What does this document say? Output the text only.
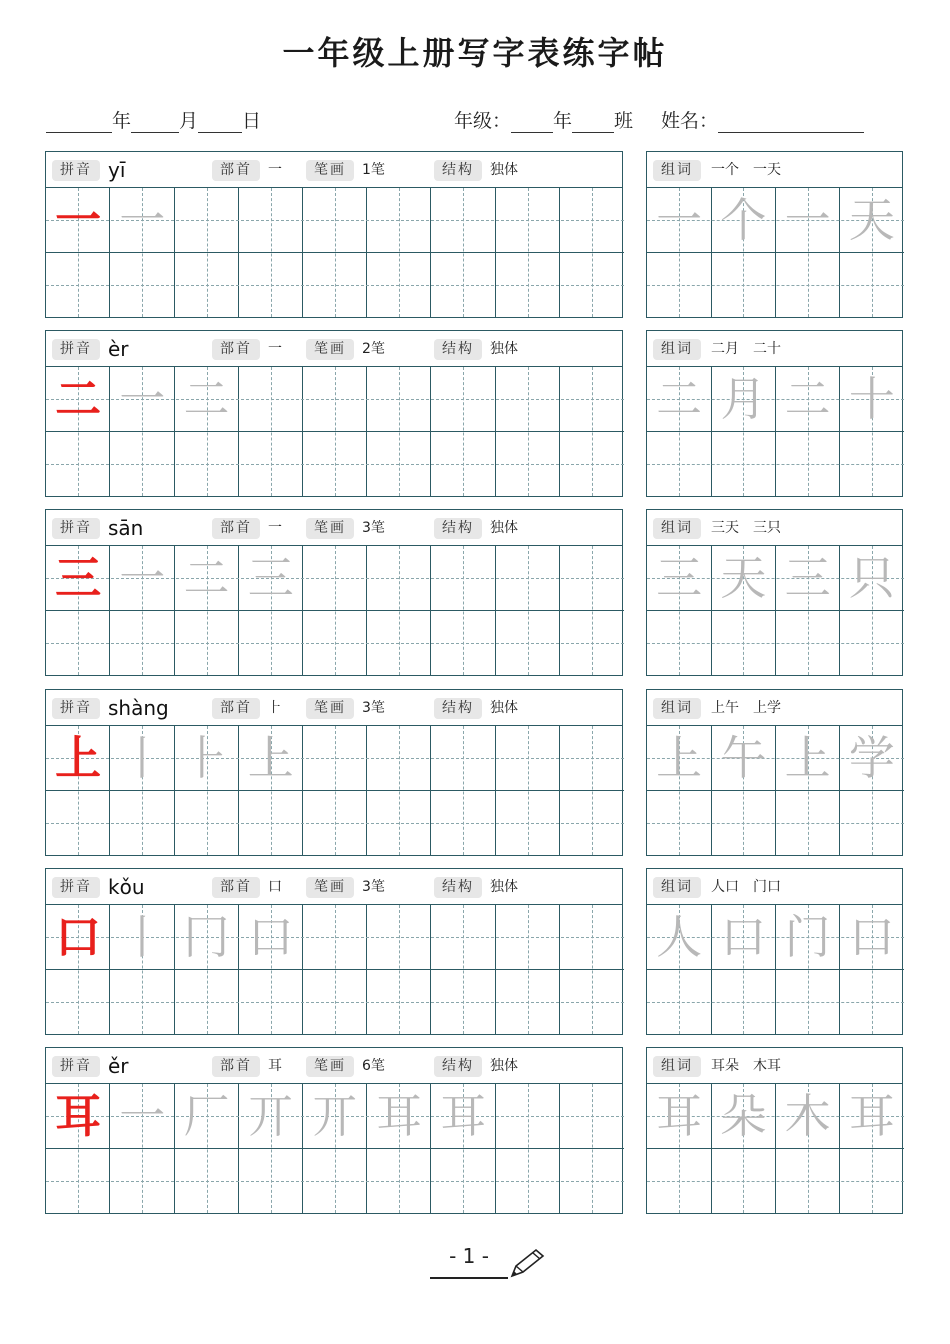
一年级上册写字表练字帖
年	月 日	年级： 年 班 姓名：
拼音 yī	部首	一	笔画	1笔	结构	独体
一 一
组词	一个　一天
一 个 一 天
拼音 èr	部首	一	笔画	2笔	结构	独体
二 一 二
组词	二月　二十
二 月 二 十
拼音 sān	部首	一	笔画	3笔	结构	独体
三 一 二 三
组词	三天　三只
三 天 三 只
拼音 shàng	部首	⺊	笔画	3笔	结构	独体
上 丨 ⺊ 上
组词	上午　上学
上 午 上 学
拼音 kǒu	部首	口	笔画	3笔	结构	独体
口 丨 冂 口
组词	人口　门口
人 口 门 口
拼音 ěr	部首	耳	笔画	6笔	结构	独体
耳 一 厂 丌 丌 耳 耳
组词	耳朵　木耳
耳 朵 木 耳
- 1 -
